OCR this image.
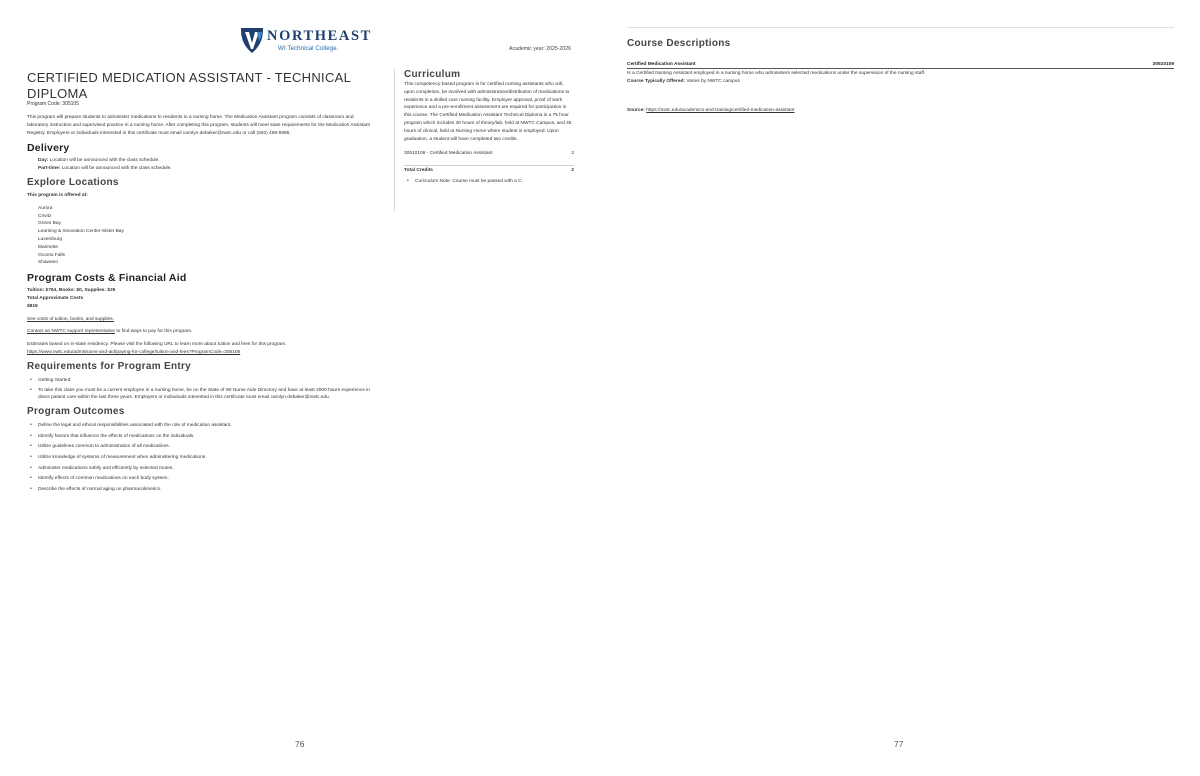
NORTHEAST
WI Technical College.	Academic year: 2025-2026
CERTIFIED MEDICATION ASSISTANT - TECHNICAL DIPLOMA
Program Code: 305105

This program will prepare students to administer medications to residents in a nursing home. The Medication Assistant program consists of classroom and laboratory instruction and supervised practice in a nursing home. After completing this program, students will meet state requirements for the Medication Assistant Registry. Employers or individuals interested in this certificate must email carolyn.debaker@nwtc.edu or call (920) 498-6985.

Delivery
Day: Location will be announced with the class schedule.
Part-time: Location will be announced with the class schedule.
Explore Locations
This program is offered at:
Aurora
Crivitz
Green Bay
Learning & Innovation Center-Sister Bay
Luxemburg
Marinette
Oconto Falls
Shawano
Program Costs & Financial Aid
Tuition: $794, Books: $0, Supplies: $25
Total Approximate Costs
$819
See costs of tuition, books, and supplies.
Contact an NWTC support representative to find ways to pay for this program.
Estimates based on in-state residency. Please visit the following URL to learn more about tuition and fees for this program.
https://www.nwtc.edu/admissions-and-aid/paying-for-college/tuition-and-fees?ProgramCode=305105
Requirements for Program Entry
• Getting Started:
• To take this class you must be a current employee in a nursing home, be on the State of WI Nurse Aide Directory and have at least 2000 hours experience in direct patient care within the last three years. Employers or individuals interested in this certificate must email carolyn.debaker@nwtc.edu.
Program Outcomes
• Define the legal and ethical responsibilities associated with the role of medication assistant.
• Identify factors that influence the effects of medications on the individuals.
• Utilize guidelines common to administration of all medications.
• Utilize knowledge of systems of measurement when administering medications.
• Administer medications safely and efficiently by selected routes.
• Identify effects of common medications on each body system.
• Describe the effects of normal aging on pharmacokinetics.
Curriculum

This competency-based program is for certified nursing assistants who will, upon completion, be involved with administration/distribution of medications to residents in a skilled care nursing facility. Employer approval, proof of work experience and a pre-enrollment assessment are required for participation in this course. The Certified Medication Assistant Technical Diploma is a 75 hour program which includes 30 hours of theory/lab, held at NWTC Campus, and 45 hours of clinical, held at Nursing Home where student is employed. Upon graduation, a student will have completed two credits.

30510109 - Certified Medication Assistant	2
Total Credits	2
• Curriculum Note: Course must be passed with a C.
76
Course Descriptions
Certified Medication Assistant	30510109
Is a Certified Nursing Assistant employed in a nursing home who administers selected medications under the supervision of the nursing staff.
Course Typically Offered: Varies by NWTC campus
Source: https://nwtc.edu/academics-and-training/certified-medication-assistant
77
